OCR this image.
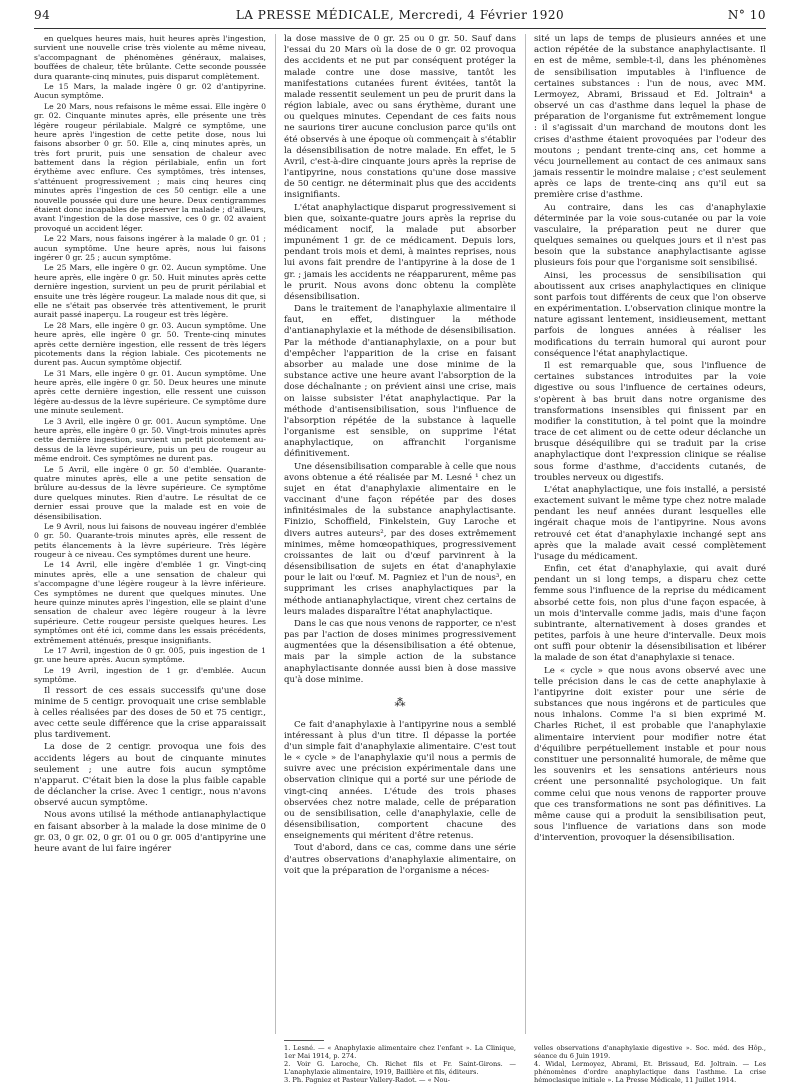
94	LA PRESSE MÉDICALE, Mercredi, 4 Février 1920	N° 10

en quelques heures mais, huit heures après l'ingestion, survient une nouvelle crise très violente au même niveau, s'accompagnant de phénomènes généraux, malaises, bouffées de chaleur, tête brûlante. Cette seconde poussée dura quarante-cinq minutes, puis disparut complètement.

Le 15 Mars, la malade ingère 0 gr. 02 d'antipyrine. Aucun symptôme.

Le 20 Mars, nous refaisons le même essai. Elle ingère 0 gr. 02. Cinquante minutes après, elle présente une très légère rougeur périlabiale. Malgré ce symptôme, une heure après l'ingestion de cette petite dose, nous lui faisons absorber 0 gr. 50. Elle a, cinq minutes après, un très fort prurit, puis une sensation de chaleur avec battement dans la région périlabiale, enfin un fort érythème avec enflure. Ces symptômes, très intenses, s'atténuent progressivement ; mais cinq heures cinq minutes après l'ingestion de ces 50 centigr. elle a une nouvelle poussée qui dure une heure. Deux centigrammes étaient donc incapables de préserver la malade ; d'ailleurs, avant l'ingestion de la dose massive, ces 0 gr. 02 avaient provoqué un accident léger.

Le 22 Mars, nous faisons ingérer à la malade 0 gr. 01 ; aucun symptôme. Une heure après, nous lui faisons ingérer 0 gr. 25 ; aucun symptôme.

Le 25 Mars, elle ingère 0 gr. 02. Aucun symptôme. Une heure après, elle ingère 0 gr. 50. Huit minutes après cette dernière ingestion, survient un peu de prurit périlabial et ensuite une très légère rougeur. La malade nous dit que, si elle ne s'était pas observée très attentivement, le prurit aurait passé inaperçu. La rougeur est très légère.

Le 28 Mars, elle ingère 0 gr. 03. Aucun symptôme. Une heure après, elle ingère 0 gr. 50. Trente-cinq minutes après cette dernière ingestion, elle ressent de très légers picotements dans la région labiale. Ces picotements ne durent pas. Aucun symptôme objectif.

Le 31 Mars, elle ingère 0 gr. 01. Aucun symptôme. Une heure après, elle ingère 0 gr. 50. Deux heures une minute après cette dernière ingestion, elle ressent une cuisson légère au-dessus de la lèvre supérieure. Ce symptôme dure une minute seulement.

Le 3 Avril, elle ingère 0 gr. 001. Aucun symptôme. Une heure après, elle ingère 0 gr. 50. Vingt-trois minutes après cette dernière ingestion, survient un petit picotement au-dessus de la lèvre supérieure, puis un peu de rougeur au même endroit. Ces symptômes ne durent pas.

Le 5 Avril, elle ingère 0 gr. 50 d'emblée. Quarante-quatre minutes après, elle a une petite sensation de brûlure au-dessus de la lèvre supérieure. Ce symptôme dure quelques minutes. Rien d'autre. Le résultat de ce dernier essai prouve que la malade est en voie de désensibilisation.

Le 9 Avril, nous lui faisons de nouveau ingérer d'emblée 0 gr. 50. Quarante-trois minutes après, elle ressent de petits élancements à la lèvre supérieure. Très légère rougeur à ce niveau. Ces symptômes durent une heure.

Le 14 Avril, elle ingère d'emblée 1 gr. Vingt-cinq minutes après, elle a une sensation de chaleur qui s'accompagne d'une légère rougeur à la lèvre inférieure. Ces symptômes ne durent que quelques minutes. Une heure quinze minutes après l'ingestion, elle se plaint d'une sensation de chaleur avec légère rougeur à la lèvre supérieure. Cette rougeur persiste quelques heures. Les symptômes ont été ici, comme dans les essais précédents, extrêmement atténués, presque insignifiants.

Le 17 Avril, ingestion de 0 gr. 005, puis ingestion de 1 gr. une heure après. Aucun symptôme.

Le 19 Avril, ingestion de 1 gr. d'emblée. Aucun symptôme.

Il ressort de ces essais successifs qu'une dose minime de 5 centigr. provoquait une crise semblable à celles réalisées par des doses de 50 et 75 centigr., avec cette seule différence que la crise apparaissait plus tardivement.

La dose de 2 centigr. provoqua une fois des accidents légers au bout de cinquante minutes seulement ; une autre fois aucun symptôme n'apparut. C'était bien la dose la plus faible capable de déclancher la crise. Avec 1 centigr., nous n'avons observé aucun symptôme.

Nous avons utilisé la méthode antianaphylactique en faisant absorber à la malade la dose minime de 0 gr. 03, 0 gr. 02, 0 gr. 01 ou 0 gr. 005 d'antipyrine une heure avant de lui faire ingérer

la dose massive de 0 gr. 25 ou 0 gr. 50. Sauf dans l'essai du 20 Mars où la dose de 0 gr. 02 provoqua des accidents et ne put par conséquent protéger la malade contre une dose massive, tantôt les manifestations cutanées furent évitées, tantôt la malade ressentit seulement un peu de prurit dans la région labiale, avec ou sans érythème, durant une ou quelques minutes. Cependant de ces faits nous ne saurions tirer aucune conclusion parce qu'ils ont été observés à une époque où commençait à s'établir la désensibilisation de notre malade. En effet, le 5 Avril, c'est-à-dire cinquante jours après la reprise de l'antipyrine, nous constations qu'une dose massive de 50 centigr. ne déterminait plus que des accidents insignifiants.

L'état anaphylactique disparut progressivement si bien que, soixante-quatre jours après la reprise du médicament nocif, la malade put absorber impunément 1 gr. de ce médicament. Depuis lors, pendant trois mois et demi, à maintes reprises, nous lui avons fait prendre de l'antipyrine à la dose de 1 gr. ; jamais les accidents ne réapparurent, même pas le prurit. Nous avons donc obtenu la complète désensibilisation.

Dans le traitement de l'anaphylaxie alimentaire il faut, en effet, distinguer la méthode d'antianaphylaxie et la méthode de désensibilisation. Par la méthode d'antianaphylaxie, on a pour but d'empêcher l'apparition de la crise en faisant absorber au malade une dose minime de la substance active une heure avant l'absorption de la dose déchaînante ; on prévient ainsi une crise, mais on laisse subsister l'état anaphylactique. Par la méthode d'antisensibilisation, sous l'influence de l'absorption répétée de la substance à laquelle l'organisme est sensible, on supprime l'état anaphylactique, on affranchit l'organisme définitivement.

Une désensibilisation comparable à celle que nous avons obtenue a été réalisée par M. Lesné ¹ chez un sujet en état d'anaphylaxie alimentaire en le vaccinant d'une façon répétée par des doses infinitésimales de la substance anaphylactisante. Finizio, Schoffield, Finkelstein, Guy Laroche et divers autres auteurs², par des doses extrêmement minimes, même homœopathiques, progressivement croissantes de lait ou d'œuf parvinrent à la désensibilisation de sujets en état d'anaphylaxie pour le lait ou l'œuf. M. Pagniez et l'un de nous³, en supprimant les crises anaphylactiques par la méthode antianaphylactique, virent chez certains de leurs malades disparaître l'état anaphylactique.

Dans le cas que nous venons de rapporter, ce n'est pas par l'action de doses minimes progressivement augmentées que la désensibilisation a été obtenue, mais par la simple action de la substance anaphylactisante donnée aussi bien à dose massive qu'à dose minime.

⁂

Ce fait d'anaphylaxie à l'antipyrine nous a semblé intéressant à plus d'un titre. Il dépasse la portée d'un simple fait d'anaphylaxie alimentaire. C'est tout le « cycle » de l'anaphylaxie qu'il nous a permis de suivre avec une précision expérimentale dans une observation clinique qui a porté sur une période de vingt-cinq années. L'étude des trois phases observées chez notre malade, celle de préparation ou de sensibilisation, celle d'anaphylaxie, celle de désensibilisation, comportent chacune des enseignements qui méritent d'être retenus.

Tout d'abord, dans ce cas, comme dans une série d'autres observations d'anaphylaxie alimentaire, on voit que la préparation de l'organisme a néces-

sité un laps de temps de plusieurs années et une action répétée de la substance anaphylactisante. Il en est de même, semble-t-il, dans les phénomènes de sensibilisation imputables à l'influence de certaines substances : l'un de nous, avec MM. Lermoyez, Abrami, Brissaud et Ed. Joltrain⁴ a observé un cas d'asthme dans lequel la phase de préparation de l'organisme fut extrêmement longue : il s'agissait d'un marchand de moutons dont les crises d'asthme étaient provoquées par l'odeur des moutons ; pendant trente-cinq ans, cet homme a vécu journellement au contact de ces animaux sans jamais ressentir le moindre malaise ; c'est seulement après ce laps de trente-cinq ans qu'il eut sa première crise d'asthme.

Au contraire, dans les cas d'anaphylaxie déterminée par la voie sous-cutanée ou par la voie vasculaire, la préparation peut ne durer que quelques semaines ou quelques jours et il n'est pas besoin que la substance anaphylactisante agisse plusieurs fois pour que l'organisme soit sensibilisé.

Ainsi, les processus de sensibilisation qui aboutissent aux crises anaphylactiques en clinique sont parfois tout différents de ceux que l'on observe en expérimentation. L'observation clinique montre la nature agissant lentement, insidieusement, mettant parfois de longues années à réaliser les modifications du terrain humoral qui auront pour conséquence l'état anaphylactique.

Il est remarquable que, sous l'influence de certaines substances introduites par la voie digestive ou sous l'influence de certaines odeurs, s'opèrent à bas bruit dans notre organisme des transformations insensibles qui finissent par en modifier la constitution, à tel point que la moindre trace de cet aliment ou de cette odeur déclanche un brusque déséquilibre qui se traduit par la crise anaphylactique dont l'expression clinique se réalise sous forme d'asthme, d'accidents cutanés, de troubles nerveux ou digestifs.

L'état anaphylactique, une fois installé, a persisté exactement suivant le même type chez notre malade pendant les neuf années durant lesquelles elle ingérait chaque mois de l'antipyrine. Nous avons retrouvé cet état d'anaphylaxie inchangé sept ans après que la malade avait cessé complètement l'usage du médicament.

Enfin, cet état d'anaphylaxie, qui avait duré pendant un si long temps, a disparu chez cette femme sous l'influence de la reprise du médicament absorbé cette fois, non plus d'une façon espacée, à un mois d'intervalle comme jadis, mais d'une façon subintrante, alternativement à doses grandes et petites, parfois à une heure d'intervalle. Deux mois ont suffi pour obtenir la désensibilisation et libérer la malade de son état d'anaphylaxie si tenace.

Le « cycle » que nous avons observé avec une telle précision dans le cas de cette anaphylaxie à l'antipyrine doit exister pour une série de substances que nous ingérons et de particules que nous inhalons. Comme l'a si bien exprimé M. Charles Richet, il est probable que l'anaphylaxie alimentaire intervient pour modifier notre état d'équilibre perpétuellement instable et pour nous constituer une personnalité humorale, de même que les souvenirs et les sensations antérieurs nous créent une personnalité psychologique. Un fait comme celui que nous venons de rapporter prouve que ces transformations ne sont pas définitives. La même cause qui a produit la sensibilisation peut, sous l'influence de variations dans son mode d'intervention, provoquer la désensibilisation.

1. Lesné. — « Anaphylaxie alimentaire chez l'enfant ». La Clinique, 1er Mai 1914, p. 274.

2. Voir G. Laroche, Ch. Richet fils et Fr. Saint-Girons. — L'anaphylaxie alimentaire, 1919, Baillière et fils, éditeurs.

3. Ph. Pagniez et Pasteur Vallery-Radot. — « Nou-

velles observations d'anaphylaxie digestive ». Soc. méd. des Hôp., séance du 6 Juin 1919.

4. Widal, Lermoyez, Abrami, Et. Brissaud, Ed. Joltrain. — Les phénomènes d'ordre anaphylactique dans l'asthme. La crise hémoclasique initiale ». La Presse Médicale, 11 Juillet 1914.
